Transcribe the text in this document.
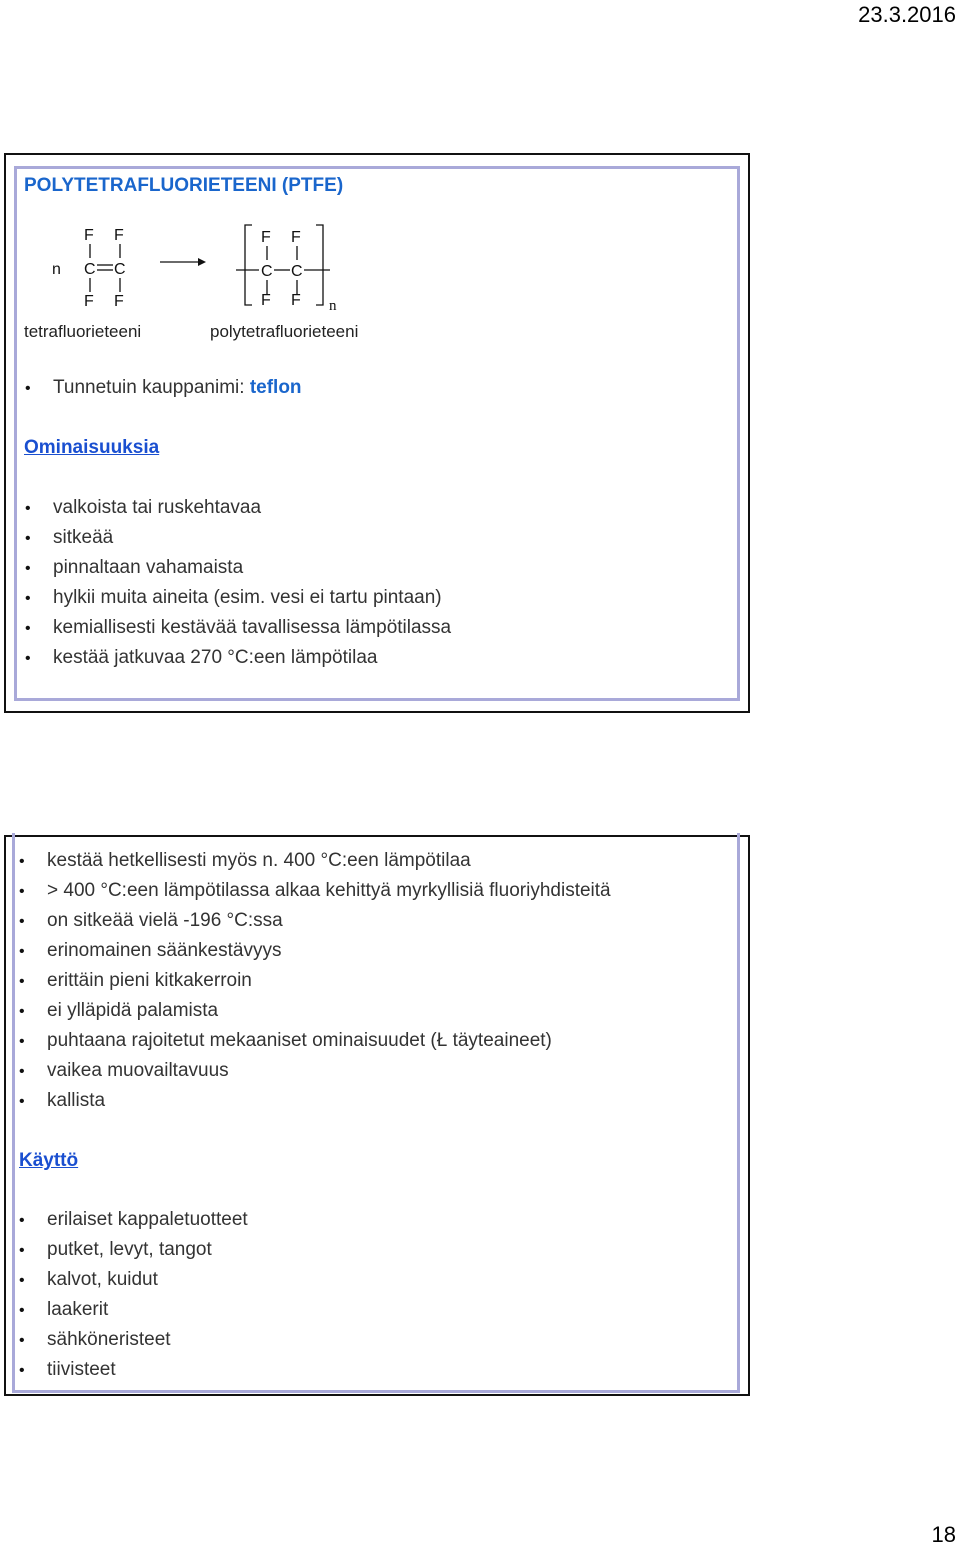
23.3.2016
POLYTETRAFLUORIETEENI (PTFE)
n
F F
C C
F F
F F
C C
F F n
tetrafluorieteeni	polytetrafluorieteeni
• Tunnetuin kauppanimi: teflon
Ominaisuuksia
• valkoista tai ruskehtavaa
• sitkeää
• pinnaltaan vahamaista
• hylkii muita aineita (esim. vesi ei tartu pintaan)
• kemiallisesti kestävää tavallisessa lämpötilassa
• kestää jatkuvaa 270 °C:een lämpötilaa
• kestää hetkellisesti myös n. 400 °C:een lämpötilaa
• > 400 °C:een lämpötilassa alkaa kehittyä myrkyllisiä fluoriyhdisteitä
• on sitkeää vielä -196 °C:ssa
• erinomainen säänkestävyys
• erittäin pieni kitkakerroin
• ei ylläpidä palamista
• puhtaana rajoitetut mekaaniset ominaisuudet (Ł täyteaineet)
• vaikea muovailtavuus
• kallista
Käyttö
• erilaiset kappaletuotteet
• putket, levyt, tangot
• kalvot, kuidut
• laakerit
• sähköneristeet
• tiivisteet
18
